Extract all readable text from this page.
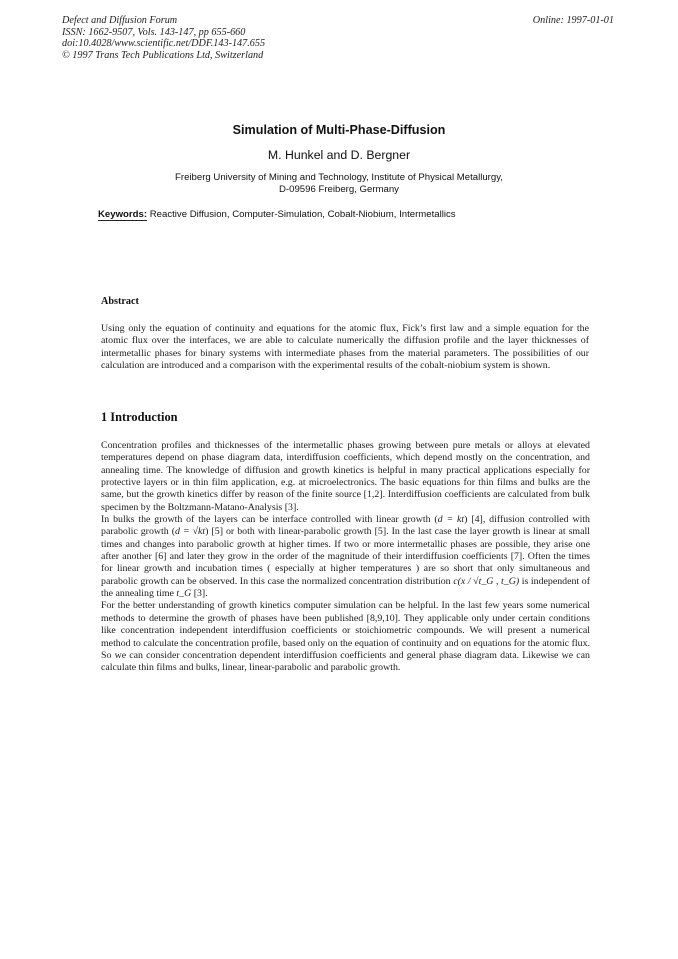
Defect and Diffusion Forum
ISSN: 1662-9507, Vols. 143-147, pp 655-660
doi:10.4028/www.scientific.net/DDF.143-147.655
© 1997 Trans Tech Publications Ltd, Switzerland
Online: 1997-01-01
Simulation of Multi-Phase-Diffusion
M. Hunkel and D. Bergner
Freiberg University of Mining and Technology, Institute of Physical Metallurgy,
D-09596 Freiberg, Germany
Keywords: Reactive Diffusion, Computer-Simulation, Cobalt-Niobium, Intermetallics
Abstract
Using only the equation of continuity and equations for the atomic flux, Fick’s first law and a simple equation for the atomic flux over the interfaces, we are able to calculate numerically the diffusion profile and the layer thicknesses of intermetallic phases for binary systems with intermediate phases from the material parameters. The possibilities of our calculation are introduced and a comparison with the experimental results of the cobalt-niobium system is shown.
1 Introduction

Concentration profiles and thicknesses of the intermetallic phases growing between pure metals or alloys at elevated temperatures depend on phase diagram data, interdiffusion coefficients, which depend mostly on the concentration, and annealing time. The knowledge of diffusion and growth kinetics is helpful in many practical applications especially for protective layers or in thin film application, e.g. at microelectronics. The basic equations for thin films and bulks are the same, but the growth kinetics differ by reason of the finite source [1,2]. Interdiffusion coefficients are calculated from bulk specimen by the Boltzmann-Matano-Analysis [3].

In bulks the growth of the layers can be interface controlled with linear growth (d = kt) [4], diffusion controlled with parabolic growth (d = √kt) [5] or both with linear-parabolic growth [5]. In the last case the layer growth is linear at small times and changes into parabolic growth at higher times. If two or more intermetallic phases are possible, they arise one after another [6] and later they grow in the order of the magnitude of their interdiffusion coefficients [7]. Often the times for linear growth and incubation times ( especially at higher temperatures ) are so short that only simultaneous and parabolic growth can be observed. In this case the normalized concentration distribution c(x / √t_G , t_G) is independent of the annealing time t_G [3].

For the better understanding of growth kinetics computer simulation can be helpful. In the last few years some numerical methods to determine the growth of phases have been published [8,9,10]. They applicable only under certain conditions like concentration independent interdiffusion coefficients or stoichiometric compounds. We will present a numerical method to calculate the concentration profile, based only on the equation of continuity and on equations for the atomic flux. So we can consider concentration dependent interdiffusion coefficients and general phase diagram data. Likewise we can calculate thin films and bulks, linear, linear-parabolic and parabolic growth.
